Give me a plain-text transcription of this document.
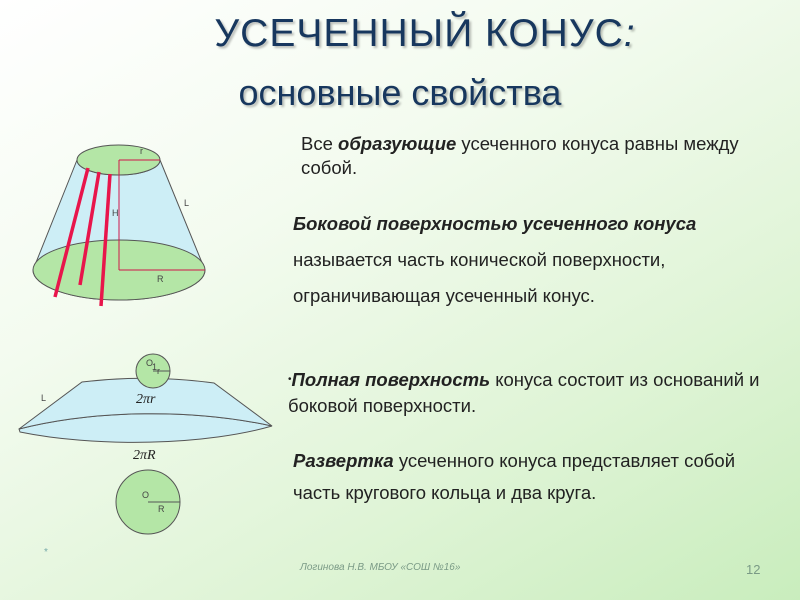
УСЕЧЕННЫЙ КОНУС:
основные свойства
r
L
H
R
O
1 r
L	2πr
2πR
O
R
Все образующие усеченного конуса равны между собой.
Боковой поверхностью усеченного конуса называется часть конической поверхности, ограничивающая усеченный конус.
•Полная поверхность конуса состоит из оснований и боковой поверхности.
Развертка усеченного конуса представляет собой часть кругового кольца и два круга.
*
Логинова Н.В. МБОУ «СОШ №16»	12
